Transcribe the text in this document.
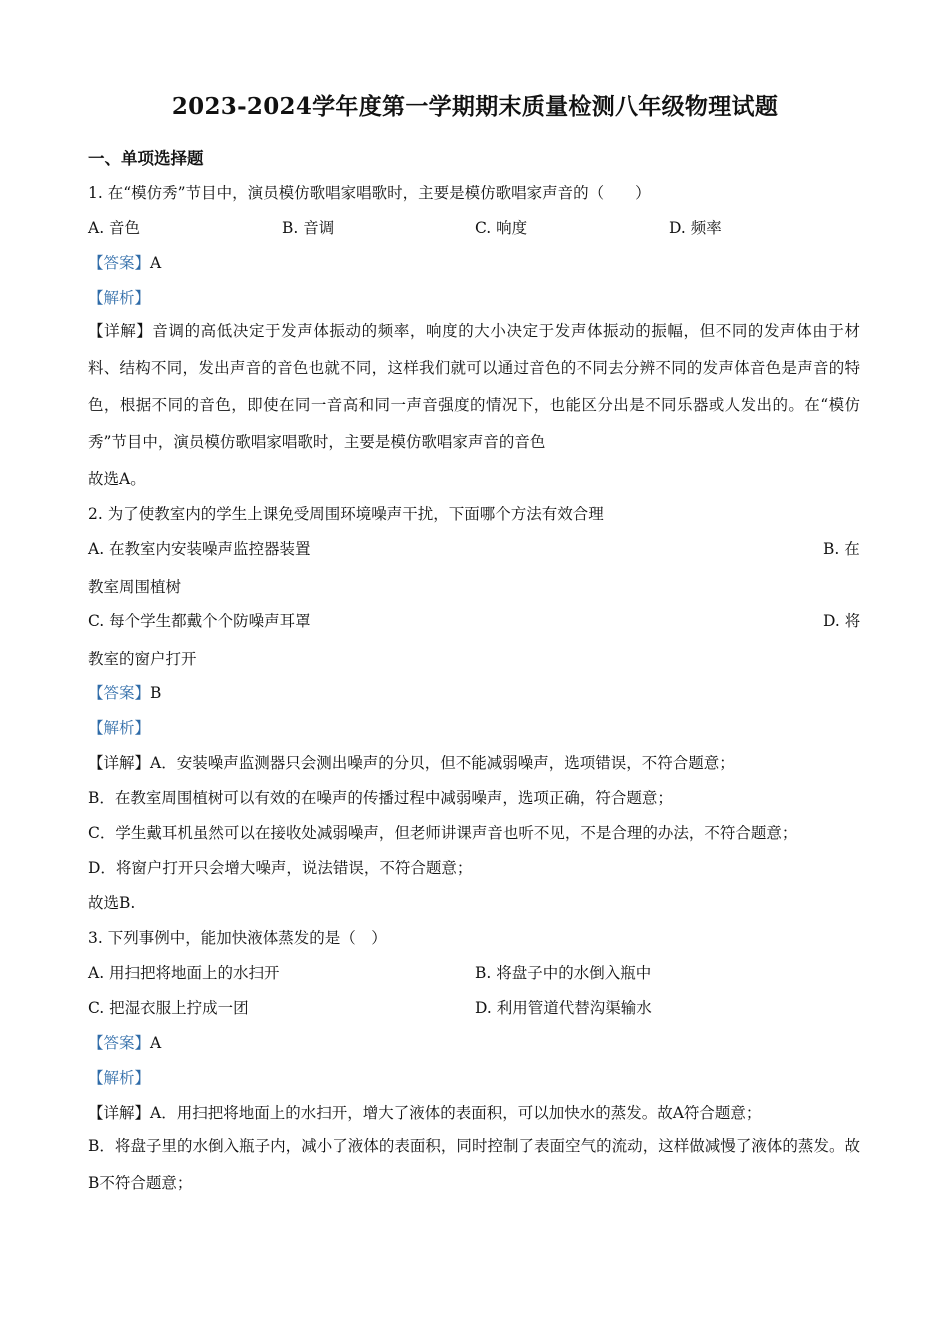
2023-2024学年度第一学期期末质量检测八年级物理试题
一、单项选择题
1. 在“模仿秀”节目中，演员模仿歌唱家唱歌时，主要是模仿歌唱家声音的（　　）
A. 音色	B. 音调	C. 响度	D. 频率
【答案】A
【解析】
【详解】音调的高低决定于发声体振动的频率，响度的大小决定于发声体振动的振幅，但不同的发声体由于材料、结构不同，发出声音的音色也就不同，这样我们就可以通过音色的不同去分辨不同的发声体音色是声音的特色，根据不同的音色，即使在同一音高和同一声音强度的情况下，也能区分出是不同乐器或人发出的。在“模仿秀”节目中，演员模仿歌唱家唱歌时，主要是模仿歌唱家声音的音色
故选A。
2. 为了使教室内的学生上课免受周围环境噪声干扰，下面哪个方法有效合理
A. 在教室内安装噪声监控器装置	B. 在
教室周围植树
C. 每个学生都戴个个防噪声耳罩	D. 将
教室的窗户打开
【答案】B
【解析】
【详解】A．安装噪声监测器只会测出噪声的分贝，但不能减弱噪声，选项错误，不符合题意；
B．在教室周围植树可以有效的在噪声的传播过程中减弱噪声，选项正确，符合题意；
C．学生戴耳机虽然可以在接收处减弱噪声，但老师讲课声音也听不见，不是合理的办法，不符合题意；
D．将窗户打开只会增大噪声，说法错误，不符合题意；
故选B.
3. 下列事例中，能加快液体蒸发的是（　）
A. 用扫把将地面上的水扫开	B. 将盘子中的水倒入瓶中
C. 把湿衣服上拧成一团	D. 利用管道代替沟渠输水
【答案】A
【解析】
【详解】A．用扫把将地面上的水扫开，增大了液体的表面积，可以加快水的蒸发。故A符合题意；
B．将盘子里的水倒入瓶子内，减小了液体的表面积，同时控制了表面空气的流动，这样做减慢了液体的蒸发。故B不符合题意；
